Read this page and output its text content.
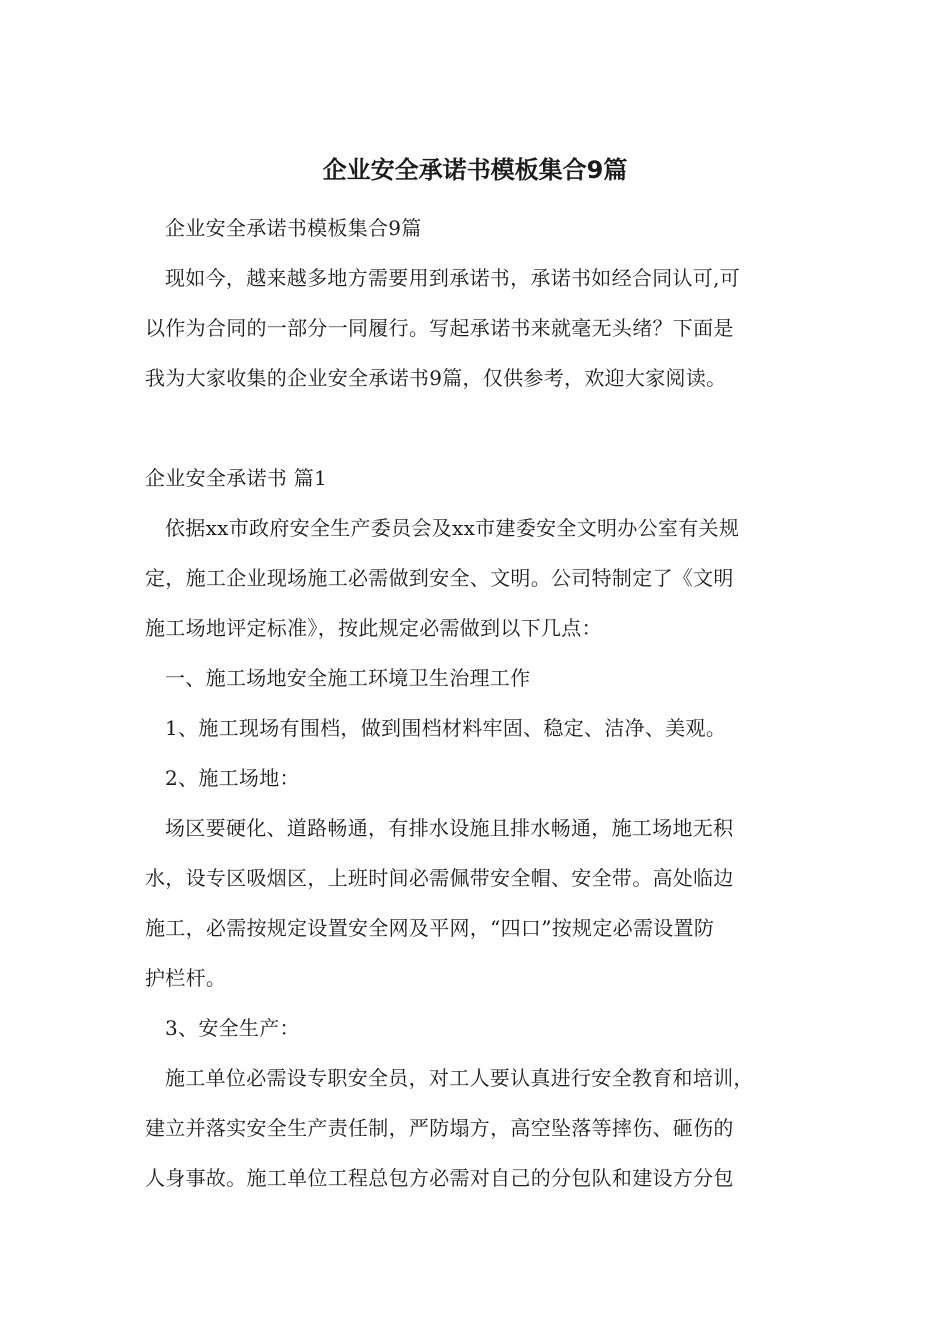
企业安全承诺书模板集合9篇

企业安全承诺书模板集合9篇

现如今，越来越多地方需要用到承诺书，承诺书如经合同认可,可

以作为合同的一部分一同履行。写起承诺书来就毫无头绪？下面是

我为大家收集的企业安全承诺书9篇，仅供参考，欢迎大家阅读。

企业安全承诺书 篇1

依据xx市政府安全生产委员会及xx市建委安全文明办公室有关规

定，施工企业现场施工必需做到安全、文明。公司特制定了《文明

施工场地评定标准》，按此规定必需做到以下几点：

一、施工场地安全施工环境卫生治理工作

1、施工现场有围档，做到围档材料牢固、稳定、洁净、美观。

2、施工场地：

场区要硬化、道路畅通，有排水设施且排水畅通，施工场地无积

水，设专区吸烟区，上班时间必需佩带安全帽、安全带。高处临边

施工，必需按规定设置安全网及平网，“四口”按规定必需设置防

护栏杆。

3、安全生产：

施工单位必需设专职安全员，对工人要认真进行安全教育和培训，

建立并落实安全生产责任制，严防塌方，高空坠落等摔伤、砸伤的

人身事故。施工单位工程总包方必需对自己的分包队和建设方分包
